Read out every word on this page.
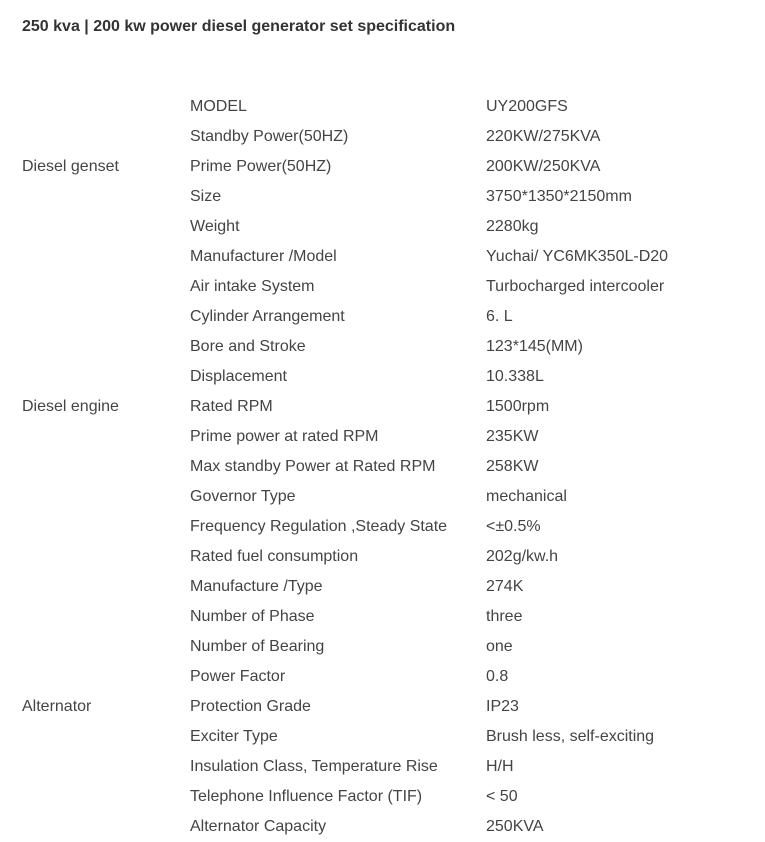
250 kva | 200 kw power diesel generator set specification
MODEL	UY200GFS
Standby Power(50HZ)	220KW/275KVA
Diesel genset	Prime Power(50HZ)	200KW/250KVA
Size	3750*1350*2150mm
Weight	2280kg
Manufacturer /Model	Yuchai/ YC6MK350L-D20
Air intake System	Turbocharged intercooler
Cylinder Arrangement	6. L
Bore and Stroke	123*145(MM)
Displacement	10.338L
Diesel engine	Rated RPM	1500rpm
Prime power at rated RPM	235KW
Max standby Power at Rated RPM	258KW
Governor Type	mechanical
Frequency Regulation ,Steady State <±0.5%
Rated fuel consumption	202g/kw.h
Manufacture /Type	274K
Number of Phase	three
Number of Bearing	one
Power Factor	0.8
Alternator	Protection Grade	IP23
Exciter Type	Brush less, self-exciting
Insulation Class, Temperature Rise	H/H
Telephone Influence Factor (TIF)	< 50
Alternator Capacity	250KVA
